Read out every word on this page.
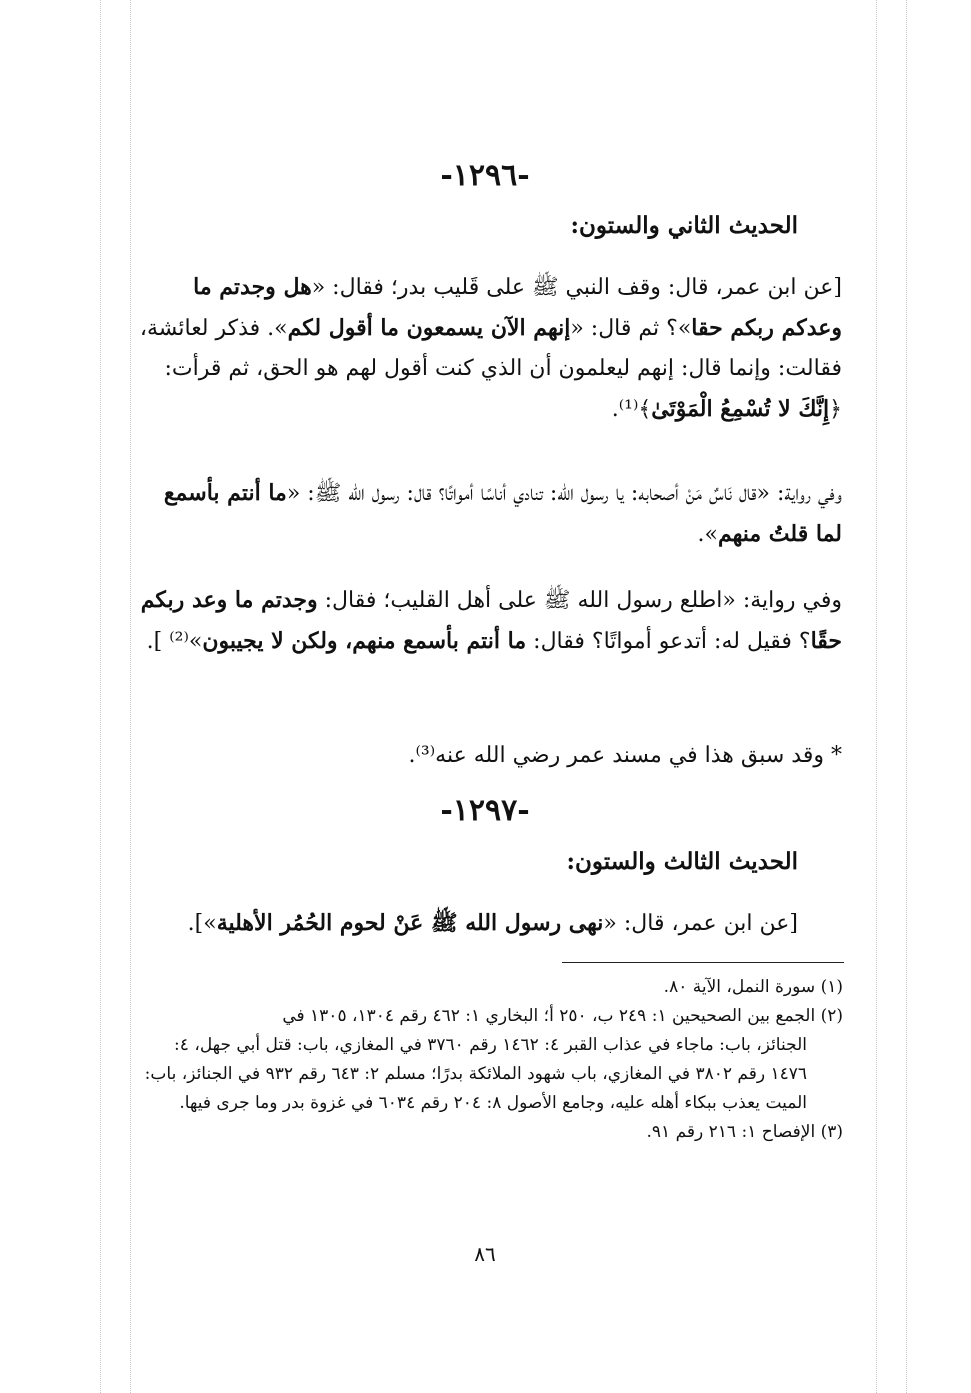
-١٢٩٦-
الحديث الثاني والستون:
[عن ابن عمر، قال: وقف النبي ﷺ على قَليب بدر؛ فقال: «هل وجدتم ما وعدكم ربكم حقا»؟ ثم قال: «إنهم الآن يسمعون ما أقول لكم». فذكر لعائشة، فقالت: وإنما قال: إنهم ليعلمون أن الذي كنت أقول لهم هو الحق، ثم قرأت: ﴿إِنَّكَ لا تُسْمِعُ الْمَوْتَىٰ﴾⁽¹⁾.
وفي رواية: «قال نَاسٌ مَنْ أصحابه: يا رسول الله: تنادي أناسًا أمواتًا؟ قال: رسول الله ﷺ: «ما أنتم بأسمع لما قلتُ منهم».
وفي رواية: «اطلع رسول الله ﷺ على أهل القليب؛ فقال: وجدتم ما وعد ربكم حقًا؟ فقيل له: أتدعو أمواتًا؟ فقال: ما أنتم بأسمع منهم، ولكن لا يجيبون»⁽²⁾ ].
* وقد سبق هذا في مسند عمر رضي الله عنه⁽³⁾.
-١٢٩٧-
الحديث الثالث والستون:
[عن ابن عمر، قال: «نهى رسول الله ﷺ عَنْ لحوم الحُمُر الأهلية»].
(١) سورة النمل، الآية ٨٠.
(٢) الجمع بين الصحيحين ١: ٢٤٩ ب، ٢٥٠ أ؛ البخاري ١: ٤٦٢ رقم ١٣٠٤، ١٣٠٥ في
الجنائز، باب: ماجاء في عذاب القبر ٤: ١٤٦٢ رقم ٣٧٦٠ في المغازي، باب: قتل أبي جهل، ٤: ١٤٧٦ رقم ٣٨٠٢ في المغازي، باب شهود الملائكة بدرًا؛ مسلم ٢: ٦٤٣ رقم ٩٣٢ في الجنائز، باب: الميت يعذب ببكاء أهله عليه، وجامع الأصول ٨: ٢٠٤ رقم ٦٠٣٤ في غزوة بدر وما جرى فيها.
(٣) الإفصاح ١: ٢١٦ رقم ٩١.
٨٦
